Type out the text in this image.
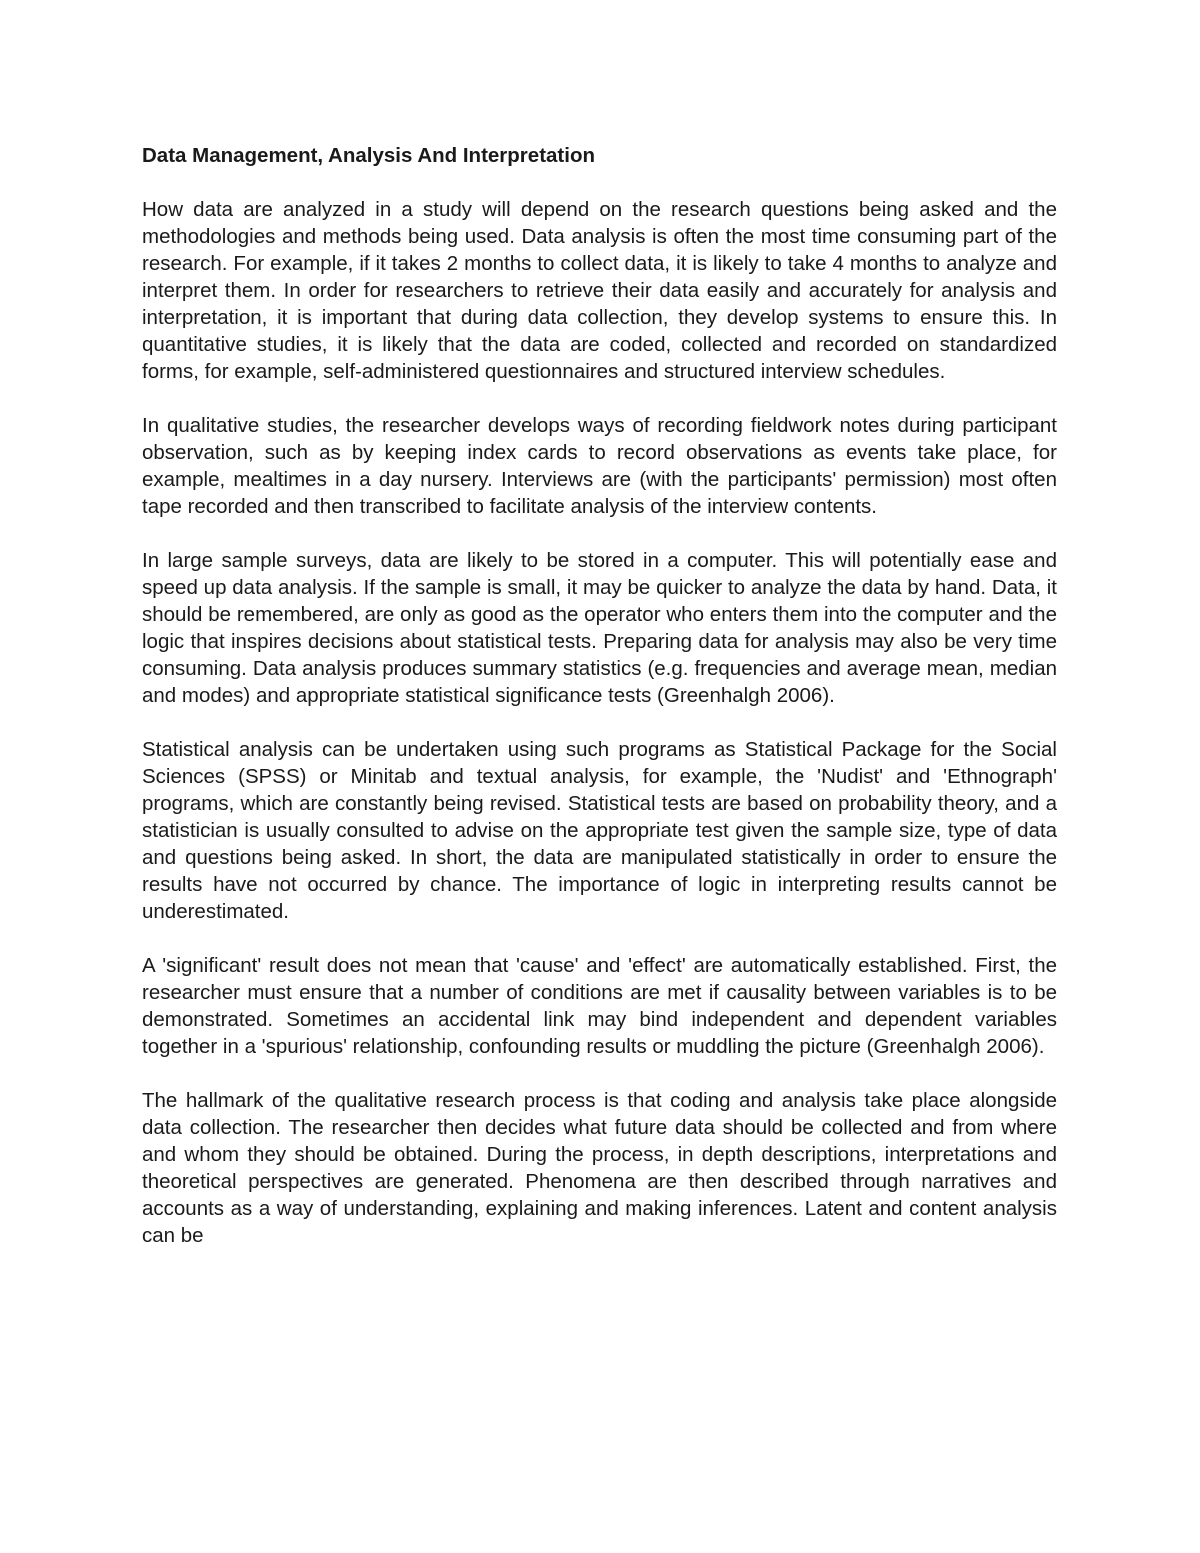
Data Management, Analysis And Interpretation

How data are analyzed in a study will depend on the research questions being asked and the methodologies and methods being used. Data analysis is often the most time consuming part of the research. For example, if it takes 2 months to collect data, it is likely to take 4 months to analyze and interpret them. In order for researchers to retrieve their data easily and accurately for analysis and interpretation, it is important that during data collection, they develop systems to ensure this. In quantitative studies, it is likely that the data are coded, collected and recorded on standardized forms, for example, self-administered questionnaires and structured interview schedules.

In qualitative studies, the researcher develops ways of recording fieldwork notes during participant observation, such as by keeping index cards to record observations as events take place, for example, mealtimes in a day nursery. Interviews are (with the participants' permission) most often tape recorded and then transcribed to facilitate analysis of the interview contents.

In large sample surveys, data are likely to be stored in a computer. This will potentially ease and speed up data analysis. If the sample is small, it may be quicker to analyze the data by hand. Data, it should be remembered, are only as good as the operator who enters them into the computer and the logic that inspires decisions about statistical tests. Preparing data for analysis may also be very time consuming. Data analysis produces summary statistics (e.g. frequencies and average mean, median and modes) and appropriate statistical significance tests (Greenhalgh 2006).

Statistical analysis can be undertaken using such programs as Statistical Package for the Social Sciences (SPSS) or Minitab and textual analysis, for example, the 'Nudist' and 'Ethnograph' programs, which are constantly being revised. Statistical tests are based on probability theory, and a statistician is usually consulted to advise on the appropriate test given the sample size, type of data and questions being asked. In short, the data are manipulated statistically in order to ensure the results have not occurred by chance. The importance of logic in interpreting results cannot be underestimated.

A 'significant' result does not mean that 'cause' and 'effect' are automatically established. First, the researcher must ensure that a number of conditions are met if causality between variables is to be demonstrated. Sometimes an accidental link may bind independent and dependent variables together in a 'spurious' relationship, confounding results or muddling the picture (Greenhalgh 2006).

The hallmark of the qualitative research process is that coding and analysis take place alongside data collection. The researcher then decides what future data should be collected and from where and whom they should be obtained. During the process, in depth descriptions, interpretations and theoretical perspectives are generated. Phenomena are then described through narratives and accounts as a way of understanding, explaining and making inferences. Latent and content analysis can be
